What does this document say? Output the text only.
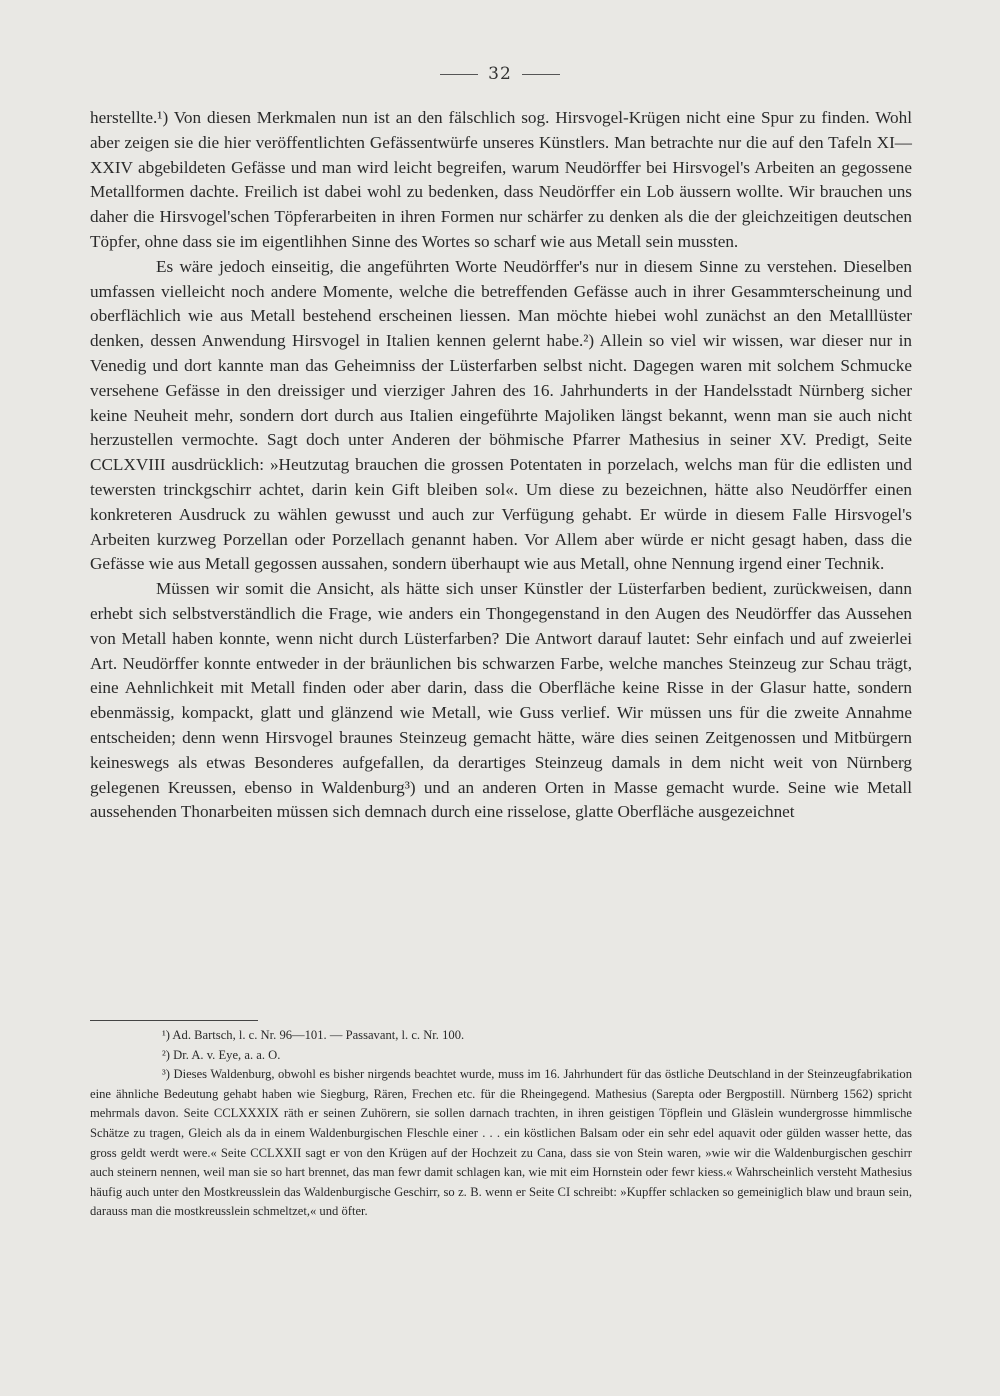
32

herstellte.¹) Von diesen Merkmalen nun ist an den fälschlich sog. Hirsvogel-Krügen nicht eine Spur zu finden. Wohl aber zeigen sie die hier veröffentlichten Gefässentwürfe unseres Künstlers. Man betrachte nur die auf den Tafeln XI—XXIV abgebildeten Gefässe und man wird leicht begreifen, warum Neudörffer bei Hirsvogel's Arbeiten an gegossene Metallformen dachte. Freilich ist dabei wohl zu bedenken, dass Neudörffer ein Lob äussern wollte. Wir brauchen uns daher die Hirsvogel'schen Töpferarbeiten in ihren Formen nur schärfer zu denken als die der gleichzeitigen deutschen Töpfer, ohne dass sie im eigentlihhen Sinne des Wortes so scharf wie aus Metall sein mussten.

Es wäre jedoch einseitig, die angeführten Worte Neudörffer's nur in diesem Sinne zu verstehen. Dieselben umfassen vielleicht noch andere Momente, welche die betreffenden Gefässe auch in ihrer Gesammterscheinung und oberflächlich wie aus Metall bestehend erscheinen liessen. Man möchte hiebei wohl zunächst an den Metalllüster denken, dessen Anwendung Hirsvogel in Italien kennen gelernt habe.²) Allein so viel wir wissen, war dieser nur in Venedig und dort kannte man das Geheimniss der Lüsterfarben selbst nicht. Dagegen waren mit solchem Schmucke versehene Gefässe in den dreissiger und vierziger Jahren des 16. Jahrhunderts in der Handelsstadt Nürnberg sicher keine Neuheit mehr, sondern dort durch aus Italien eingeführte Majoliken längst bekannt, wenn man sie auch nicht herzustellen vermochte. Sagt doch unter Anderen der böhmische Pfarrer Mathesius in seiner XV. Predigt, Seite CCLXVIII ausdrücklich: »Heutzutag brauchen die grossen Potentaten in porzelach, welchs man für die edlisten und tewersten trinckgschirr achtet, darin kein Gift bleiben sol«. Um diese zu bezeichnen, hätte also Neudörffer einen konkreteren Ausdruck zu wählen gewusst und auch zur Verfügung gehabt. Er würde in diesem Falle Hirsvogel's Arbeiten kurzweg Porzellan oder Porzellach genannt haben. Vor Allem aber würde er nicht gesagt haben, dass die Gefässe wie aus Metall gegossen aussahen, sondern überhaupt wie aus Metall, ohne Nennung irgend einer Technik.

Müssen wir somit die Ansicht, als hätte sich unser Künstler der Lüsterfarben bedient, zurückweisen, dann erhebt sich selbstverständlich die Frage, wie anders ein Thongegenstand in den Augen des Neudörffer das Aussehen von Metall haben konnte, wenn nicht durch Lüsterfarben? Die Antwort darauf lautet: Sehr einfach und auf zweierlei Art. Neudörffer konnte entweder in der bräunlichen bis schwarzen Farbe, welche manches Steinzeug zur Schau trägt, eine Aehnlichkeit mit Metall finden oder aber darin, dass die Oberfläche keine Risse in der Glasur hatte, sondern ebenmässig, kompackt, glatt und glänzend wie Metall, wie Guss verlief. Wir müssen uns für die zweite Annahme entscheiden; denn wenn Hirsvogel braunes Steinzeug gemacht hätte, wäre dies seinen Zeitgenossen und Mitbürgern keineswegs als etwas Besonderes aufgefallen, da derartiges Steinzeug damals in dem nicht weit von Nürnberg gelegenen Kreussen, ebenso in Waldenburg³) und an anderen Orten in Masse gemacht wurde. Seine wie Metall aussehenden Thonarbeiten müssen sich demnach durch eine risselose, glatte Oberfläche ausgezeichnet

¹) Ad. Bartsch, l. c. Nr. 96—101. — Passavant, l. c. Nr. 100.

²) Dr. A. v. Eye, a. a. O.

³) Dieses Waldenburg, obwohl es bisher nirgends beachtet wurde, muss im 16. Jahrhundert für das östliche Deutschland in der Steinzeugfabrikation eine ähnliche Bedeutung gehabt haben wie Siegburg, Rären, Frechen etc. für die Rheingegend. Mathesius (Sarepta oder Bergpostill. Nürnberg 1562) spricht mehrmals davon. Seite CCLXXXIX räth er seinen Zuhörern, sie sollen darnach trachten, in ihren geistigen Töpflein und Gläslein wundergrosse himmlische Schätze zu tragen, Gleich als da in einem Waldenburgischen Fleschle einer . . . ein köstlichen Balsam oder ein sehr edel aquavit oder gülden wasser hette, das gross geldt werdt were.« Seite CCLXXII sagt er von den Krügen auf der Hochzeit zu Cana, dass sie von Stein waren, »wie wir die Waldenburgischen geschirr auch steinern nennen, weil man sie so hart brennet, das man fewr damit schlagen kan, wie mit eim Hornstein oder fewr kiess.« Wahrscheinlich versteht Mathesius häufig auch unter den Mostkreusslein das Waldenburgische Geschirr, so z. B. wenn er Seite CI schreibt: »Kupffer schlacken so gemeiniglich blaw und braun sein, darauss man die mostkreusslein schmeltzet,« und öfter.
